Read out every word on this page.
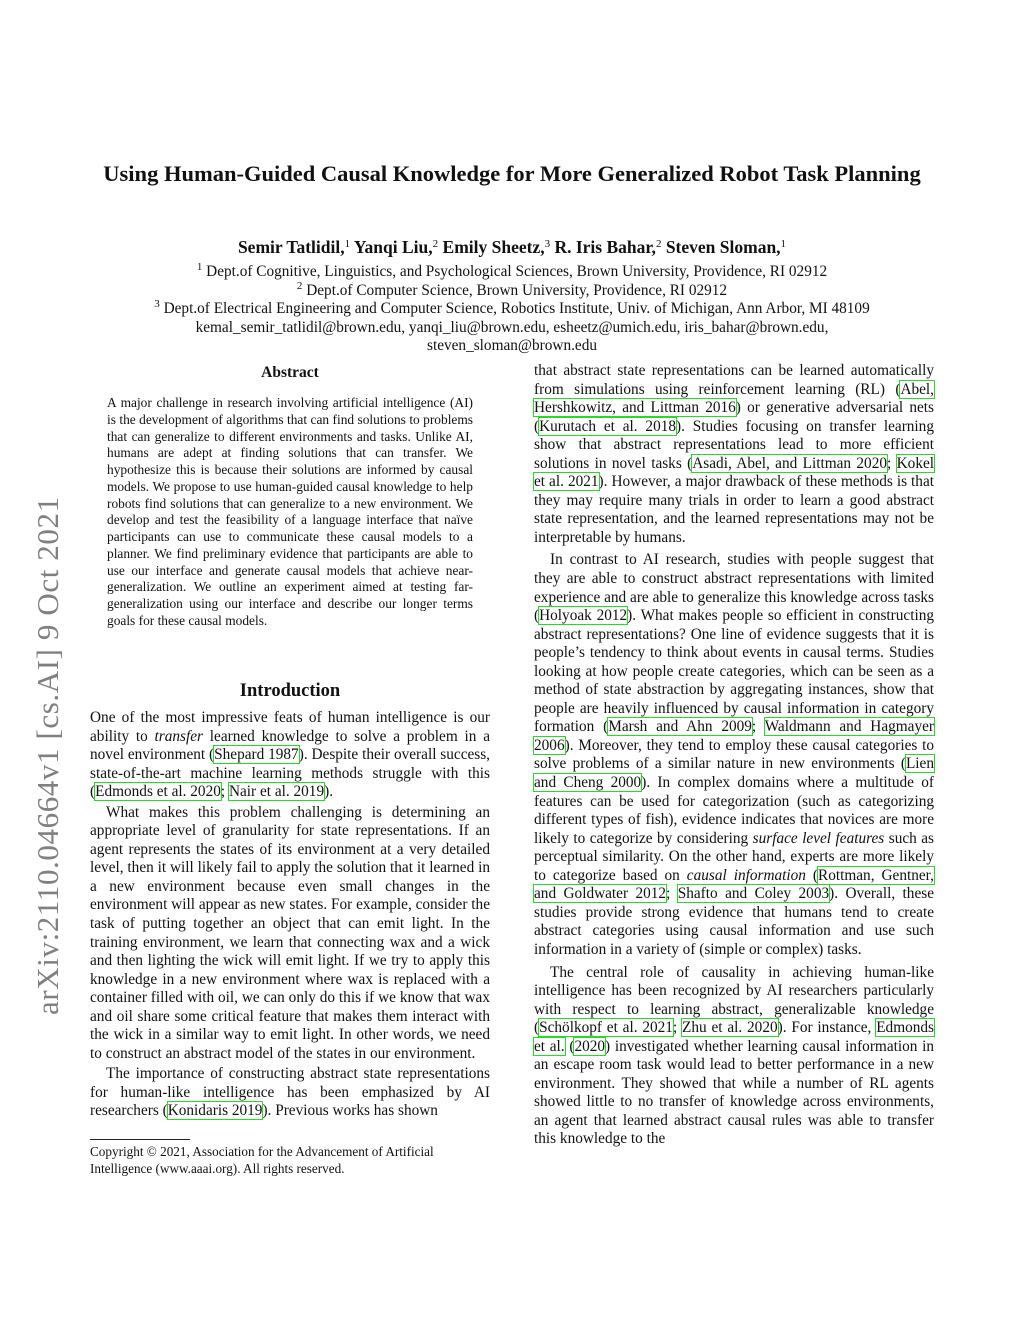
arXiv:2110.04664v1 [cs.AI] 9 Oct 2021
Using Human-Guided Causal Knowledge for More Generalized Robot Task Planning
Semir Tatlidil,$^1$ Yanqi Liu,$^2$ Emily Sheetz,$^3$ R. Iris Bahar,$^2$ Steven Sloman,$^1$
$^1$ Dept.of Cognitive, Linguistics, and Psychological Sciences, Brown University, Providence, RI 02912
$^2$ Dept.of Computer Science, Brown University, Providence, RI 02912
$^3$ Dept.of Electrical Engineering and Computer Science, Robotics Institute, Univ. of Michigan, Ann Arbor, MI 48109
kemal_semir_tatlidil@brown.edu, yanqi_liu@brown.edu, esheetz@umich.edu, iris_bahar@brown.edu,
steven_sloman@brown.edu
Abstract
A major challenge in research involving artificial intelligence (AI) is the development of algorithms that can find solutions to problems that can generalize to different environments and tasks. Unlike AI, humans are adept at finding solutions that can transfer. We hypothesize this is because their solutions are informed by causal models. We propose to use human-guided causal knowledge to help robots find solutions that can generalize to a new environment. We develop and test the feasibility of a language interface that naïve participants can use to communicate these causal models to a planner. We find preliminary evidence that participants are able to use our interface and generate causal models that achieve near-generalization. We outline an experiment aimed at testing far-generalization using our interface and describe our longer terms goals for these causal models.
Introduction

One of the most impressive feats of human intelligence is our ability to transfer learned knowledge to solve a problem in a novel environment (Shepard 1987). Despite their overall success, state-of-the-art machine learning methods struggle with this (Edmonds et al. 2020; Nair et al. 2019).

What makes this problem challenging is determining an appropriate level of granularity for state representations. If an agent represents the states of its environment at a very detailed level, then it will likely fail to apply the solution that it learned in a new environment because even small changes in the environment will appear as new states. For example, consider the task of putting together an object that can emit light. In the training environment, we learn that connecting wax and a wick and then lighting the wick will emit light. If we try to apply this knowledge in a new environment where wax is replaced with a container filled with oil, we can only do this if we know that wax and oil share some critical feature that makes them interact with the wick in a similar way to emit light. In other words, we need to construct an abstract model of the states in our environment.

The importance of constructing abstract state representations for human-like intelligence has been emphasized by AI researchers (Konidaris 2019). Previous works has shown

Copyright © 2021, Association for the Advancement of Artificial Intelligence (www.aaai.org). All rights reserved.

that abstract state representations can be learned automatically from simulations using reinforcement learning (RL) (Abel, Hershkowitz, and Littman 2016) or generative adversarial nets (Kurutach et al. 2018). Studies focusing on transfer learning show that abstract representations lead to more efficient solutions in novel tasks (Asadi, Abel, and Littman 2020; Kokel et al. 2021). However, a major drawback of these methods is that they may require many trials in order to learn a good abstract state representation, and the learned representations may not be interpretable by humans.

In contrast to AI research, studies with people suggest that they are able to construct abstract representations with limited experience and are able to generalize this knowledge across tasks (Holyoak 2012). What makes people so efficient in constructing abstract representations? One line of evidence suggests that it is people’s tendency to think about events in causal terms. Studies looking at how people create categories, which can be seen as a method of state abstraction by aggregating instances, show that people are heavily influenced by causal information in category formation (Marsh and Ahn 2009; Waldmann and Hagmayer 2006). Moreover, they tend to employ these causal categories to solve problems of a similar nature in new environments (Lien and Cheng 2000). In complex domains where a multitude of features can be used for categorization (such as categorizing different types of fish), evidence indicates that novices are more likely to categorize by considering surface level features such as perceptual similarity. On the other hand, experts are more likely to categorize based on causal information (Rottman, Gentner, and Goldwater 2012; Shafto and Coley 2003). Overall, these studies provide strong evidence that humans tend to create abstract categories using causal information and use such information in a variety of (simple or complex) tasks.

The central role of causality in achieving human-like intelligence has been recognized by AI researchers particularly with respect to learning abstract, generalizable knowledge (Schölkopf et al. 2021; Zhu et al. 2020). For instance, Edmonds et al. (2020) investigated whether learning causal information in an escape room task would lead to better performance in a new environment. They showed that while a number of RL agents showed little to no transfer of knowledge across environments, an agent that learned abstract causal rules was able to transfer this knowledge to the
